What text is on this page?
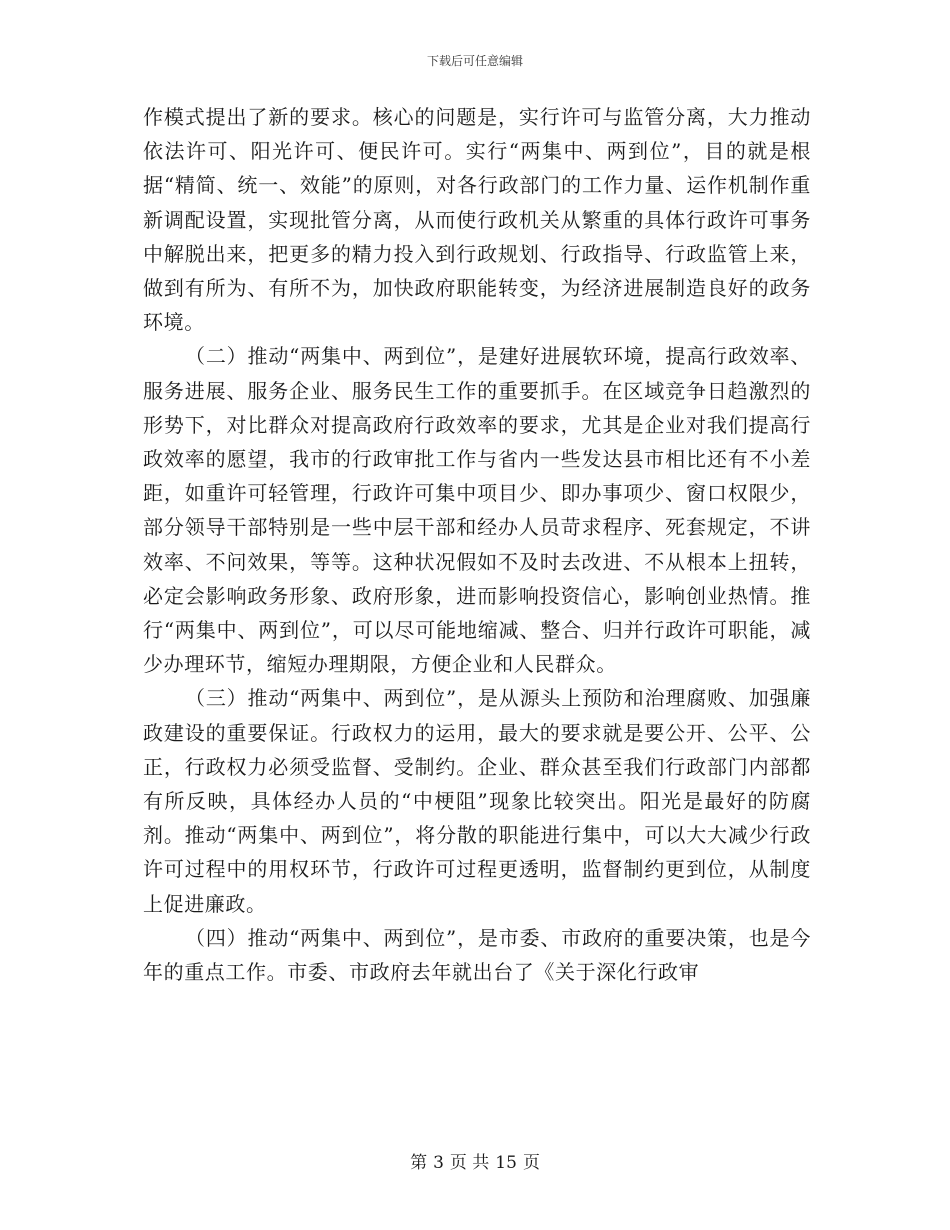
下载后可任意编辑

作模式提出了新的要求。核心的问题是，实行许可与监管分离，大力推动依法许可、阳光许可、便民许可。实行“两集中、两到位”，目的就是根据“精简、统一、效能”的原则，对各行政部门的工作力量、运作机制作重新调配设置，实现批管分离，从而使行政机关从繁重的具体行政许可事务中解脱出来，把更多的精力投入到行政规划、行政指导、行政监管上来，做到有所为、有所不为，加快政府职能转变，为经济进展制造良好的政务环境。

（二）推动“两集中、两到位”，是建好进展软环境，提高行政效率、服务进展、服务企业、服务民生工作的重要抓手。在区域竞争日趋激烈的形势下，对比群众对提高政府行政效率的要求，尤其是企业对我们提高行政效率的愿望，我市的行政审批工作与省内一些发达县市相比还有不小差距，如重许可轻管理，行政许可集中项目少、即办事项少、窗口权限少，部分领导干部特别是一些中层干部和经办人员苛求程序、死套规定，不讲效率、不问效果，等等。这种状况假如不及时去改进、不从根本上扭转，必定会影响政务形象、政府形象，进而影响投资信心，影响创业热情。推行“两集中、两到位”，可以尽可能地缩减、整合、归并行政许可职能，减少办理环节，缩短办理期限，方便企业和人民群众。

（三）推动“两集中、两到位”，是从源头上预防和治理腐败、加强廉政建设的重要保证。行政权力的运用，最大的要求就是要公开、公平、公正，行政权力必须受监督、受制约。企业、群众甚至我们行政部门内部都有所反映，具体经办人员的“中梗阻”现象比较突出。阳光是最好的防腐剂。推动“两集中、两到位”，将分散的职能进行集中，可以大大减少行政许可过程中的用权环节，行政许可过程更透明，监督制约更到位，从制度上促进廉政。

（四）推动“两集中、两到位”，是市委、市政府的重要决策，也是今年的重点工作。市委、市政府去年就出台了《关于深化行政审

第 3 页 共 15 页
